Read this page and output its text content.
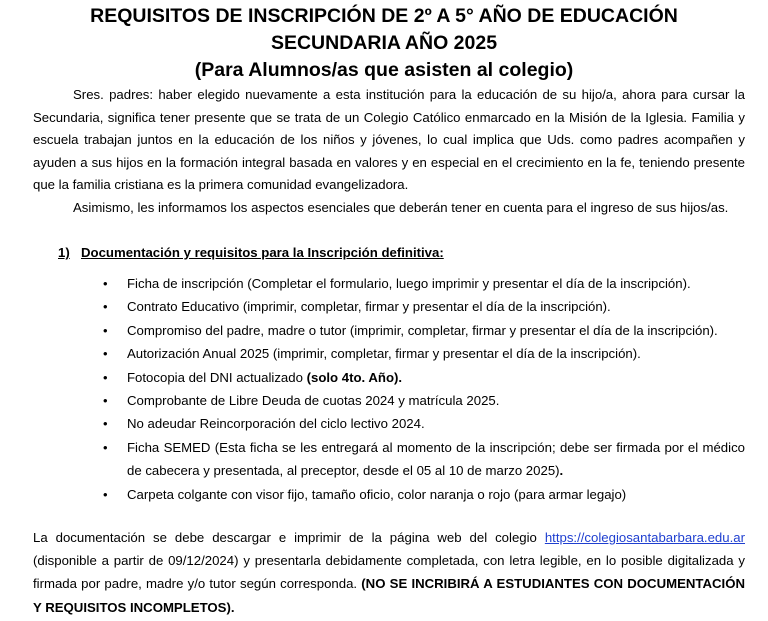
REQUISITOS DE INSCRIPCIÓN DE 2º A 5° AÑO DE EDUCACIÓN
SECUNDARIA AÑO 2025
(Para Alumnos/as que asisten al colegio)

Sres. padres: haber elegido nuevamente a esta institución para la educación de su hijo/a, ahora para cursar la Secundaria, significa tener presente que se trata de un Colegio Católico enmarcado en la Misión de la Iglesia. Familia y escuela trabajan juntos en la educación de los niños y jóvenes, lo cual implica que Uds. como padres acompañen y ayuden a sus hijos en la formación integral basada en valores y en especial en el crecimiento en la fe, teniendo presente que la familia cristiana es la primera comunidad evangelizadora.

Asimismo, les informamos los aspectos esenciales que deberán tener en cuenta para el ingreso de sus hijos/as.

1) Documentación y requisitos para la Inscripción definitiva:
• Ficha de inscripción (Completar el formulario, luego imprimir y presentar el día de la inscripción).
• Contrato Educativo (imprimir, completar, firmar y presentar el día de la inscripción).
• Compromiso del padre, madre o tutor (imprimir, completar, firmar y presentar el día de la inscripción).
• Autorización Anual 2025 (imprimir, completar, firmar y presentar el día de la inscripción).
• Fotocopia del DNI actualizado (solo 4to. Año).
• Comprobante de Libre Deuda de cuotas 2024 y matrícula 2025.
• No adeudar Reincorporación del ciclo lectivo 2024.
• Ficha SEMED (Esta ficha se les entregará al momento de la inscripción; debe ser firmada por el médico de cabecera y presentada, al preceptor, desde el 05 al 10 de marzo 2025).
• Carpeta colgante con visor fijo, tamaño oficio, color naranja o rojo (para armar legajo)

La documentación se debe descargar e imprimir de la página web del colegio https://colegiosantabarbara.edu.ar (disponible a partir de 09/12/2024) y presentarla debidamente completada, con letra legible, en lo posible digitalizada y firmada por padre, madre y/o tutor según corresponda. (NO SE INCRIBIRÁ A ESTUDIANTES CON DOCUMENTACIÓN Y REQUISITOS INCOMPLETOS).
